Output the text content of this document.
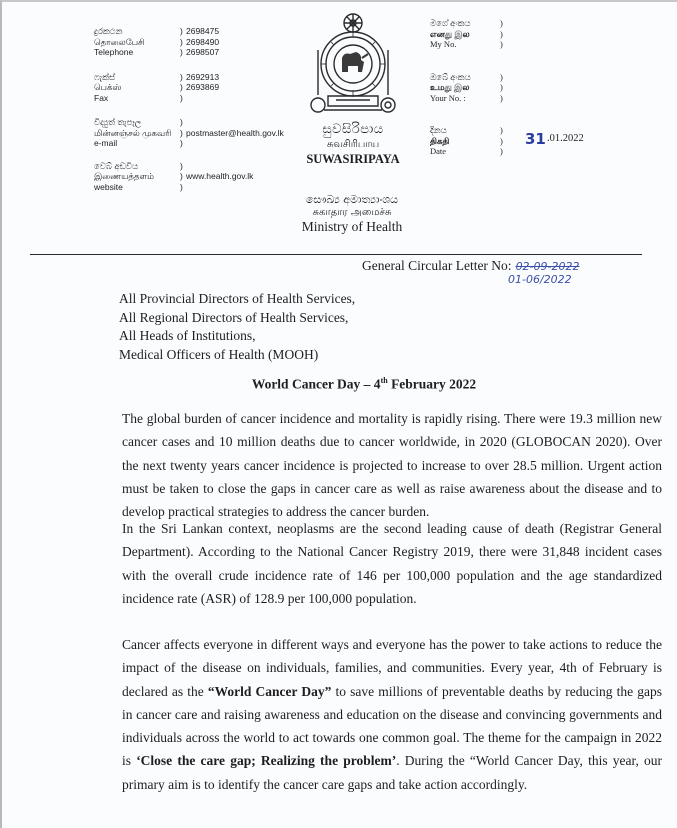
දුරකථන	) 2698475
தொலைபேசி	) 2698490
Telephone	) 2698507
ෆැක්ස්	) 2692913
பெக்ஸ்	) 2693869
Fax	)
විද්‍යුත් තැපෑල	)
மின்னஞ்சல் முகவரி	) postmaster@health.gov.lk
e-mail	)
වෙබ් අඩවිය	)
இணையத்தளம்	) www.health.gov.lk
website	)
සුවසිරිපාය
சுவசிரிபாய
SUWASIRIPAYA
මගේ අංකය	)
எனது இல	)
My No.	)
ඔබේ අංකය	)
உமது இல	)
Your No. :	)
දිනය	)
திகதி	)
Date	)
31 .01.2022
සෞඛ්‍ය අමාත්‍යාංශය
சுகாதார அமைச்சு
Ministry of Health
General Circular Letter No: 02-09-2022
01-06/2022
All Provincial Directors of Health Services,
All Regional Directors of Health Services,
All Heads of Institutions,
Medical Officers of Health (MOOH)
World Cancer Day – 4th February 2022
The global burden of cancer incidence and mortality is rapidly rising. There were 19.3 million new cancer cases and 10 million deaths due to cancer worldwide, in 2020 (GLOBOCAN 2020). Over the next twenty years cancer incidence is projected to increase to over 28.5 million. Urgent action must be taken to close the gaps in cancer care as well as raise awareness about the disease and to develop practical strategies to address the cancer burden.
In the Sri Lankan context, neoplasms are the second leading cause of death (Registrar General Department). According to the National Cancer Registry 2019, there were 31,848 incident cases with the overall crude incidence rate of 146 per 100,000 population and the age standardized incidence rate (ASR) of 128.9 per 100,000 population.
Cancer affects everyone in different ways and everyone has the power to take actions to reduce the impact of the disease on individuals, families, and communities. Every year, 4th of February is declared as the “World Cancer Day” to save millions of preventable deaths by reducing the gaps in cancer care and raising awareness and education on the disease and convincing governments and individuals across the world to act towards one common goal. The theme for the campaign in 2022 is ‘Close the care gap; Realizing the problem’. During the “World Cancer Day, this year, our primary aim is to identify the cancer care gaps and take action accordingly.
